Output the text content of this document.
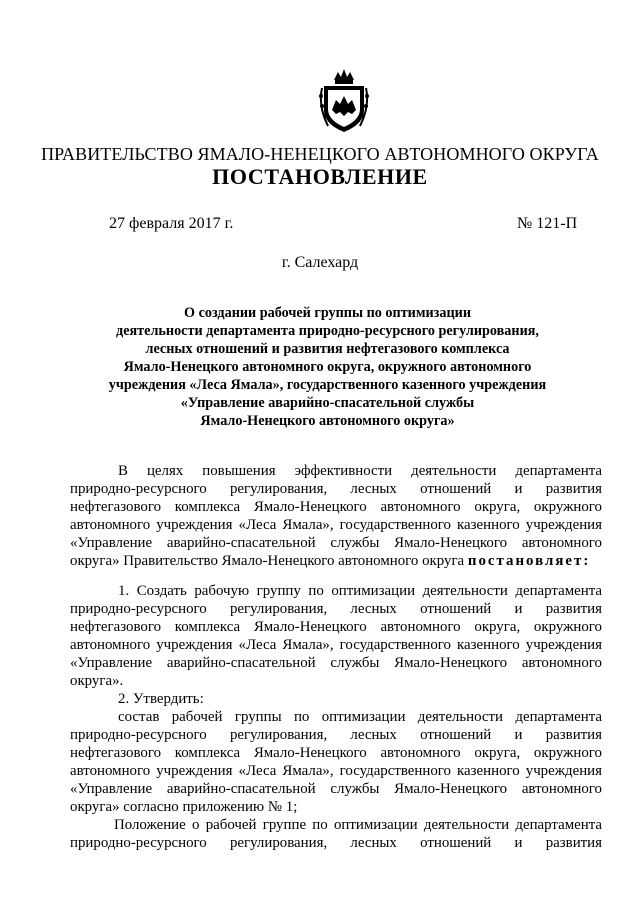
ПРАВИТЕЛЬСТВО ЯМАЛО-НЕНЕЦКОГО АВТОНОМНОГО ОКРУГА
ПОСТАНОВЛЕНИЕ
27 февраля 2017 г.	№ 121-П
г. Салехард
О создании рабочей группы по оптимизации
деятельности департамента природно-ресурсного регулирования,
лесных отношений и развития нефтегазового комплекса
Ямало-Ненецкого автономного округа, окружного автономного
учреждения «Леса Ямала», государственного казенного учреждения
«Управление аварийно-спасательной службы
Ямало-Ненецкого автономного округа»
В целях повышения эффективности деятельности департамента
природно-ресурсного регулирования, лесных отношений и развития
нефтегазового комплекса Ямало-Ненецкого автономного округа, окружного
автономного учреждения «Леса Ямала», государственного казенного учреждения
«Управление аварийно-спасательной службы Ямало-Ненецкого автономного
округа» Правительство Ямало-Ненецкого автономного округа постановляет:
1. Создать рабочую группу по оптимизации деятельности департамента
природно-ресурсного регулирования, лесных отношений и развития
нефтегазового комплекса Ямало-Ненецкого автономного округа, окружного
автономного учреждения «Леса Ямала», государственного казенного учреждения
«Управление аварийно-спасательной службы Ямало-Ненецкого автономного
округа».
2. Утвердить:
состав рабочей группы по оптимизации деятельности департамента
природно-ресурсного регулирования, лесных отношений и развития
нефтегазового комплекса Ямало-Ненецкого автономного округа, окружного
автономного учреждения «Леса Ямала», государственного казенного учреждения
«Управление аварийно-спасательной службы Ямало-Ненецкого автономного
округа» согласно приложению № 1;
Положение о рабочей группе по оптимизации деятельности департамента
природно-ресурсного регулирования, лесных отношений и развития
